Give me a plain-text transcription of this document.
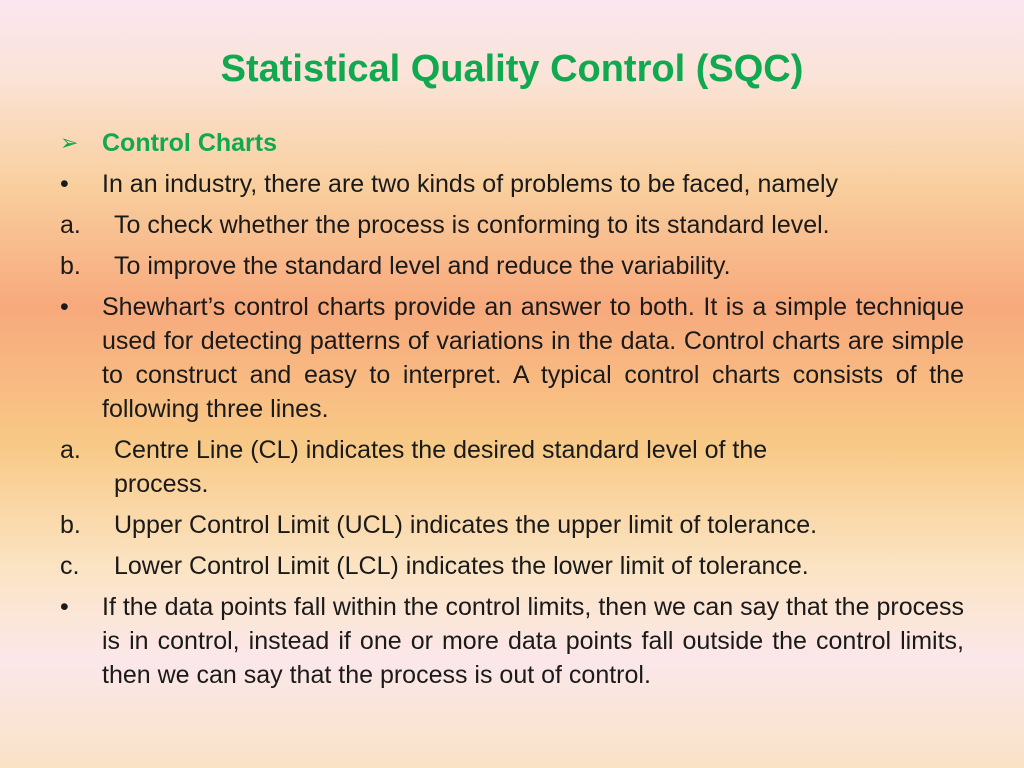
Statistical Quality Control (SQC)
➢ Control Charts
•	In an industry, there are two kinds of problems to be faced, namely
a.	To check whether the process is conforming to its standard level.
b.	To improve the standard level and reduce the variability.
•	Shewhart’s control charts provide an answer to both. It is a simple technique used for detecting patterns of variations in the data. Control charts are simple to construct and easy to interpret. A typical control charts consists of the following three lines.
a.	Centre Line (CL) indicates the desired standard level of the process.
b.	Upper Control Limit (UCL) indicates the upper limit of tolerance.
c.	Lower Control Limit (LCL) indicates the lower limit of tolerance.
•	If the data points fall within the control limits, then we can say that the process is in control, instead if one or more data points fall outside the control limits, then we can say that the process is out of control.
